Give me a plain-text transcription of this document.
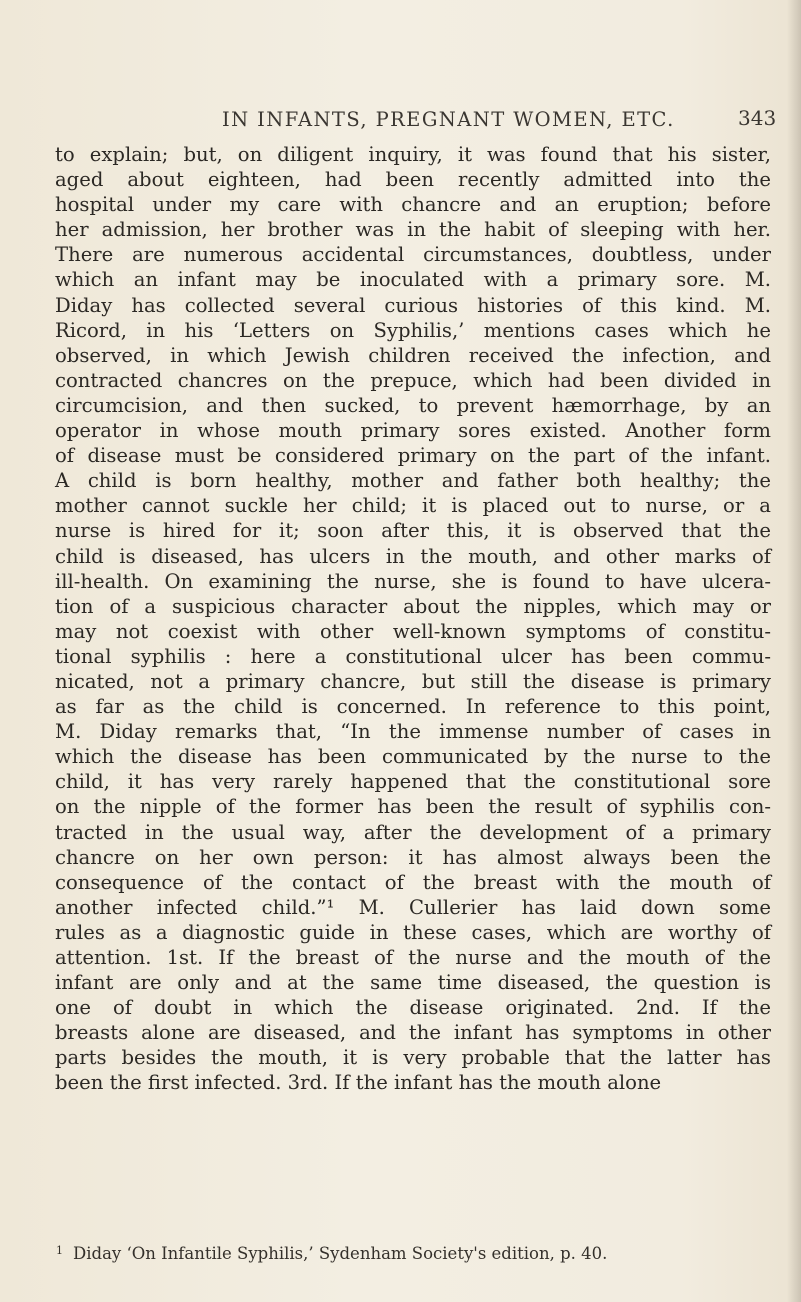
IN INFANTS, PREGNANT WOMEN, ETC.	343
to explain; but, on diligent inquiry, it was found that his sister,
aged about eighteen, had been recently admitted into the
hospital under my care with chancre and an eruption; before
her admission, her brother was in the habit of sleeping with her.
There are numerous accidental circumstances, doubtless, under
which an infant may be inoculated with a primary sore. M.
Diday has collected several curious histories of this kind. M.
Ricord, in his ‘Letters on Syphilis,’ mentions cases which he
observed, in which Jewish children received the infection, and
contracted chancres on the prepuce, which had been divided in
circumcision, and then sucked, to prevent hæmorrhage, by an
operator in whose mouth primary sores existed. Another form
of disease must be considered primary on the part of the infant.
A child is born healthy, mother and father both healthy; the
mother cannot suckle her child; it is placed out to nurse, or a
nurse is hired for it; soon after this, it is observed that the
child is diseased, has ulcers in the mouth, and other marks of
ill-health. On examining the nurse, she is found to have ulcera-
tion of a suspicious character about the nipples, which may or
may not coexist with other well-known symptoms of constitu-
tional syphilis : here a constitutional ulcer has been commu-
nicated, not a primary chancre, but still the disease is primary
as far as the child is concerned. In reference to this point,
M. Diday remarks that, “In the immense number of cases in
which the disease has been communicated by the nurse to the
child, it has very rarely happened that the constitutional sore
on the nipple of the former has been the result of syphilis con-
tracted in the usual way, after the development of a primary
chancre on her own person: it has almost always been the
consequence of the contact of the breast with the mouth of
another infected child.”¹ M. Cullerier has laid down some
rules as a diagnostic guide in these cases, which are worthy of
attention. 1st. If the breast of the nurse and the mouth of the
infant are only and at the same time diseased, the question is
one of doubt in which the disease originated. 2nd. If the
breasts alone are diseased, and the infant has symptoms in other
parts besides the mouth, it is very probable that the latter has
been the first infected. 3rd. If the infant has the mouth alone
$^1$ Diday ‘On Infantile Syphilis,’ Sydenham Society's edition, p. 40.
